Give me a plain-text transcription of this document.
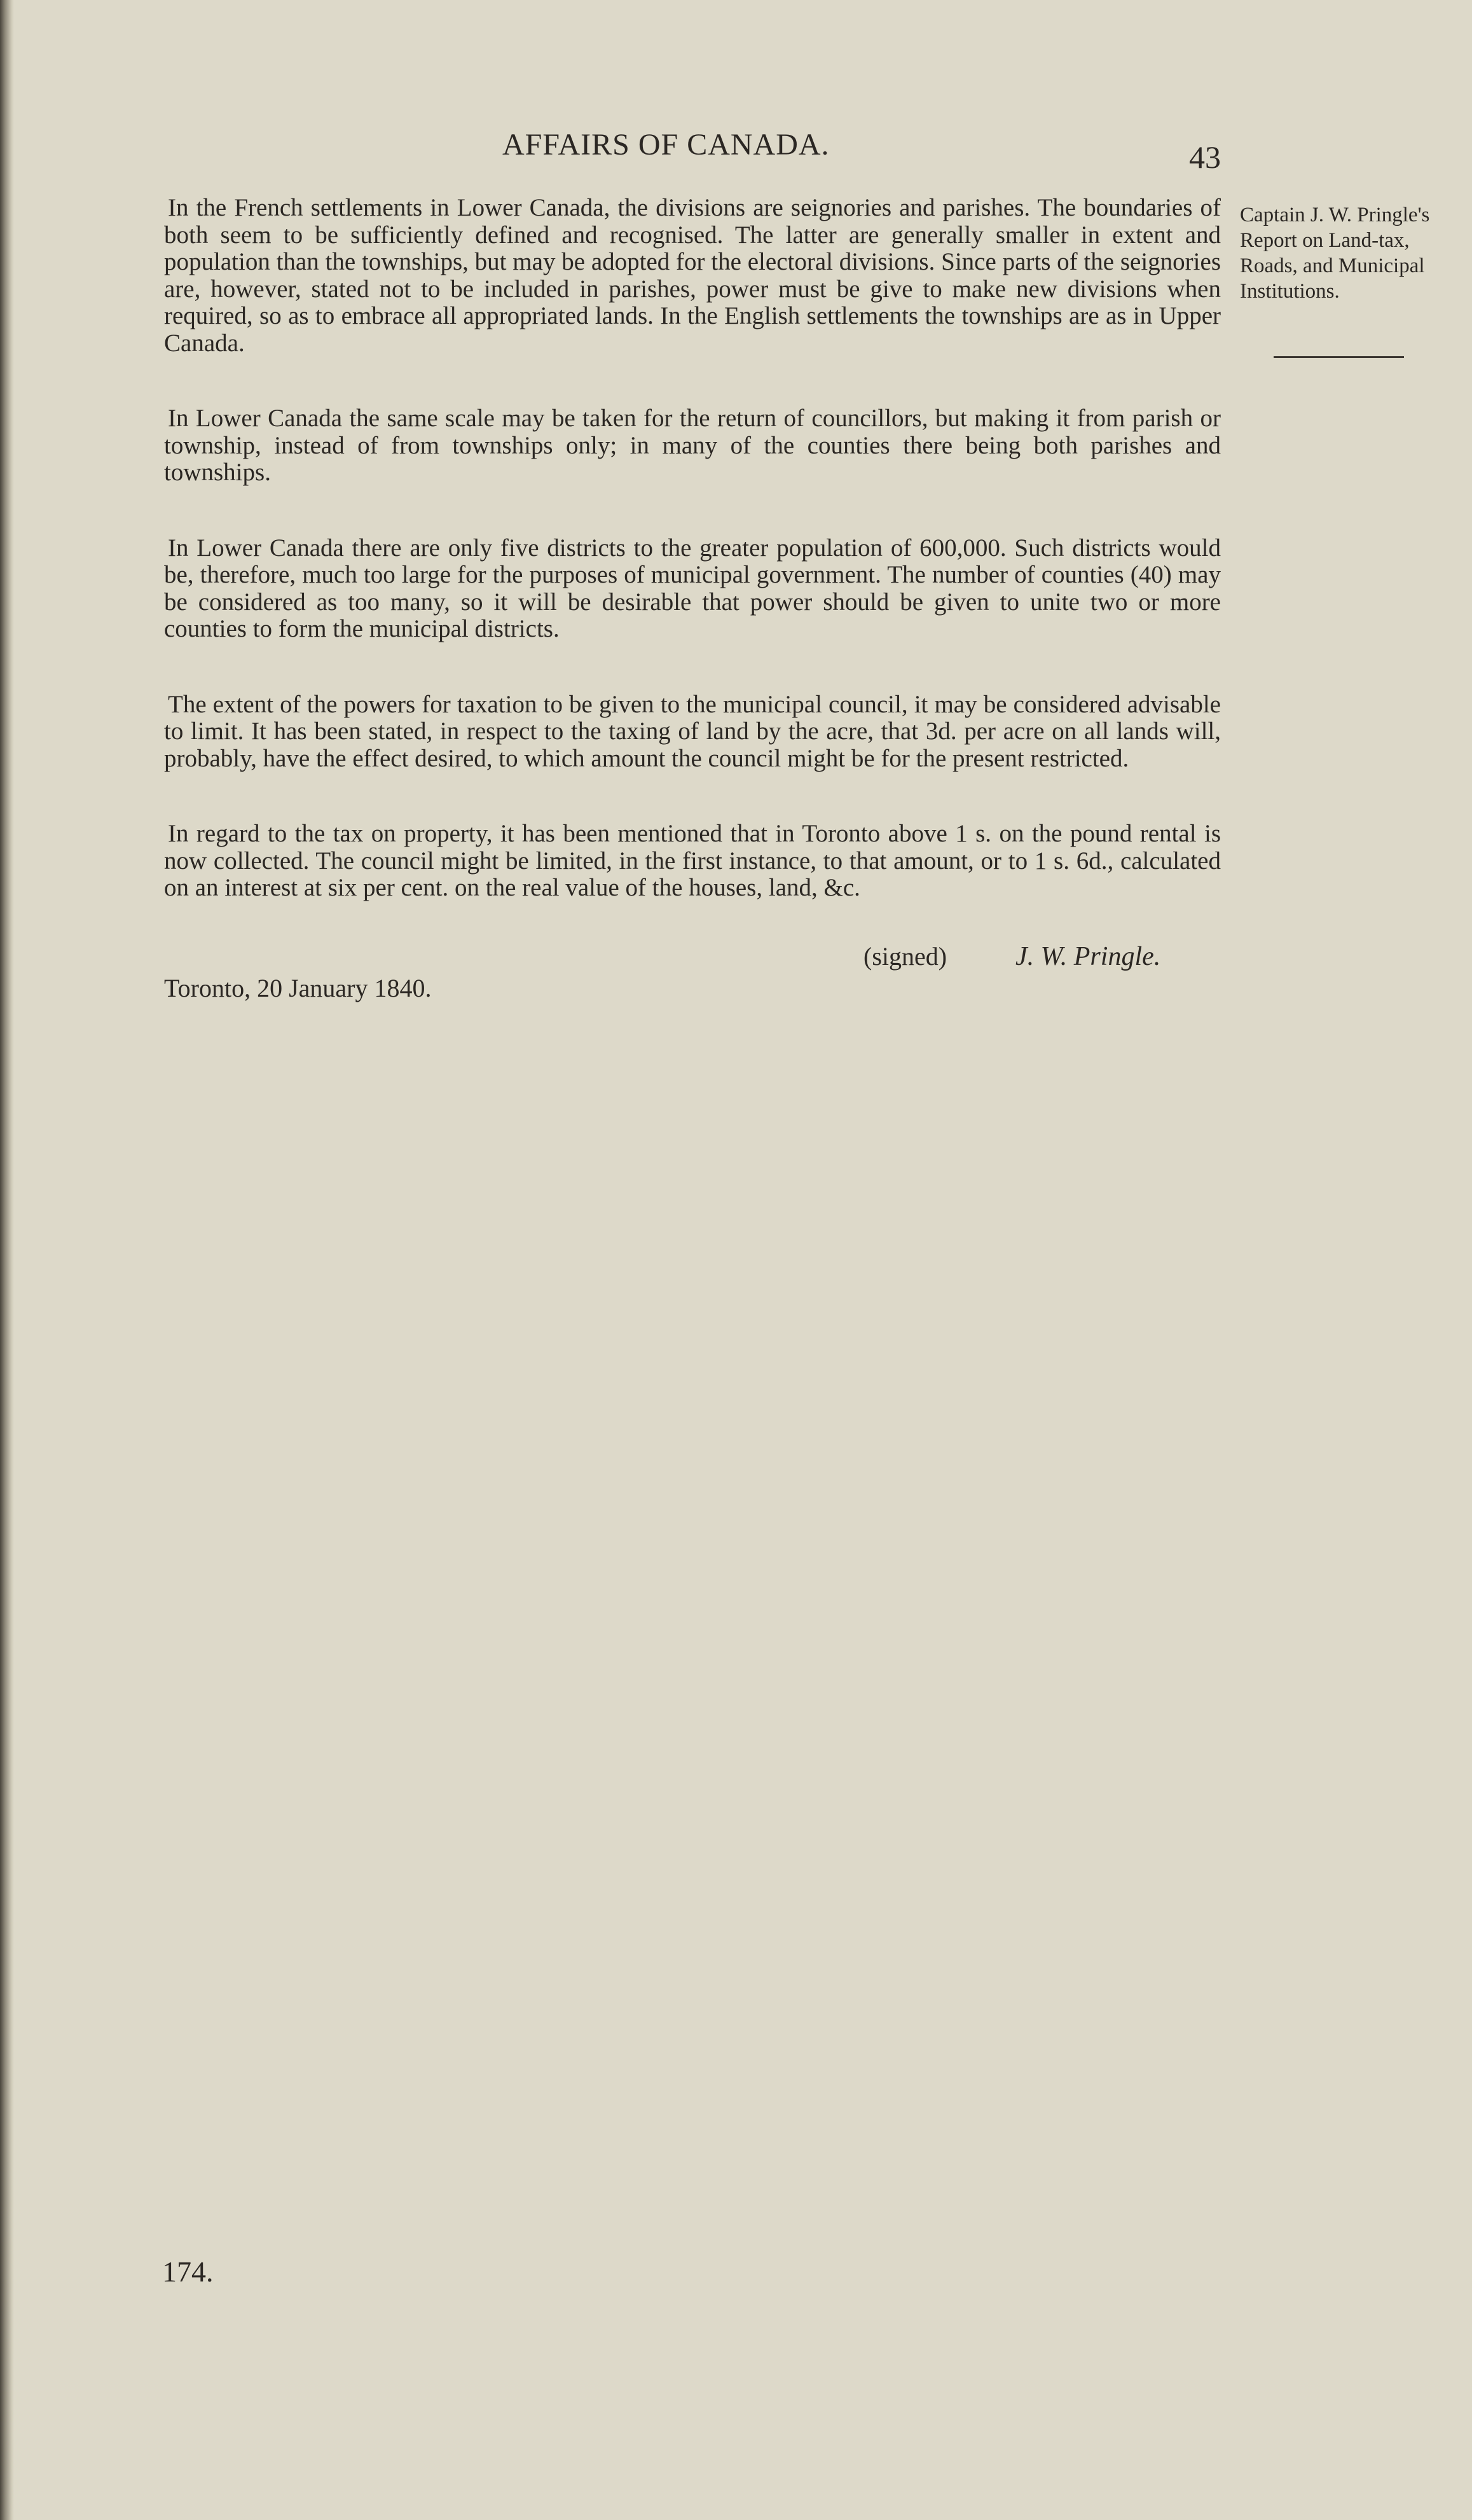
AFFAIRS OF CANADA.	43
Captain J. W. Pringle's Report on Land-tax, Roads, and Municipal Institutions.

In the French settlements in Lower Canada, the divisions are seignories and parishes. The boundaries of both seem to be sufficiently defined and recognised. The latter are generally smaller in extent and population than the townships, but may be adopted for the electoral divisions. Since parts of the seignories are, however, stated not to be included in parishes, power must be give to make new divisions when required, so as to embrace all appropriated lands. In the English settlements the townships are as in Upper Canada.

In Lower Canada the same scale may be taken for the return of councillors, but making it from parish or township, instead of from townships only; in many of the counties there being both parishes and townships.

In Lower Canada there are only five districts to the greater population of 600,000. Such districts would be, therefore, much too large for the purposes of municipal government. The number of counties (40) may be considered as too many, so it will be desirable that power should be given to unite two or more counties to form the municipal districts.

The extent of the powers for taxation to be given to the municipal council, it may be considered advisable to limit. It has been stated, in respect to the taxing of land by the acre, that 3d. per acre on all lands will, probably, have the effect desired, to which amount the council might be for the present restricted.

In regard to the tax on property, it has been mentioned that in Toronto above 1 s. on the pound rental is now collected. The council might be limited, in the first instance, to that amount, or to 1 s. 6d., calculated on an interest at six per cent. on the real value of the houses, land, &c.

(signed)	J. W. Pringle.
Toronto, 20 January 1840.
174.
